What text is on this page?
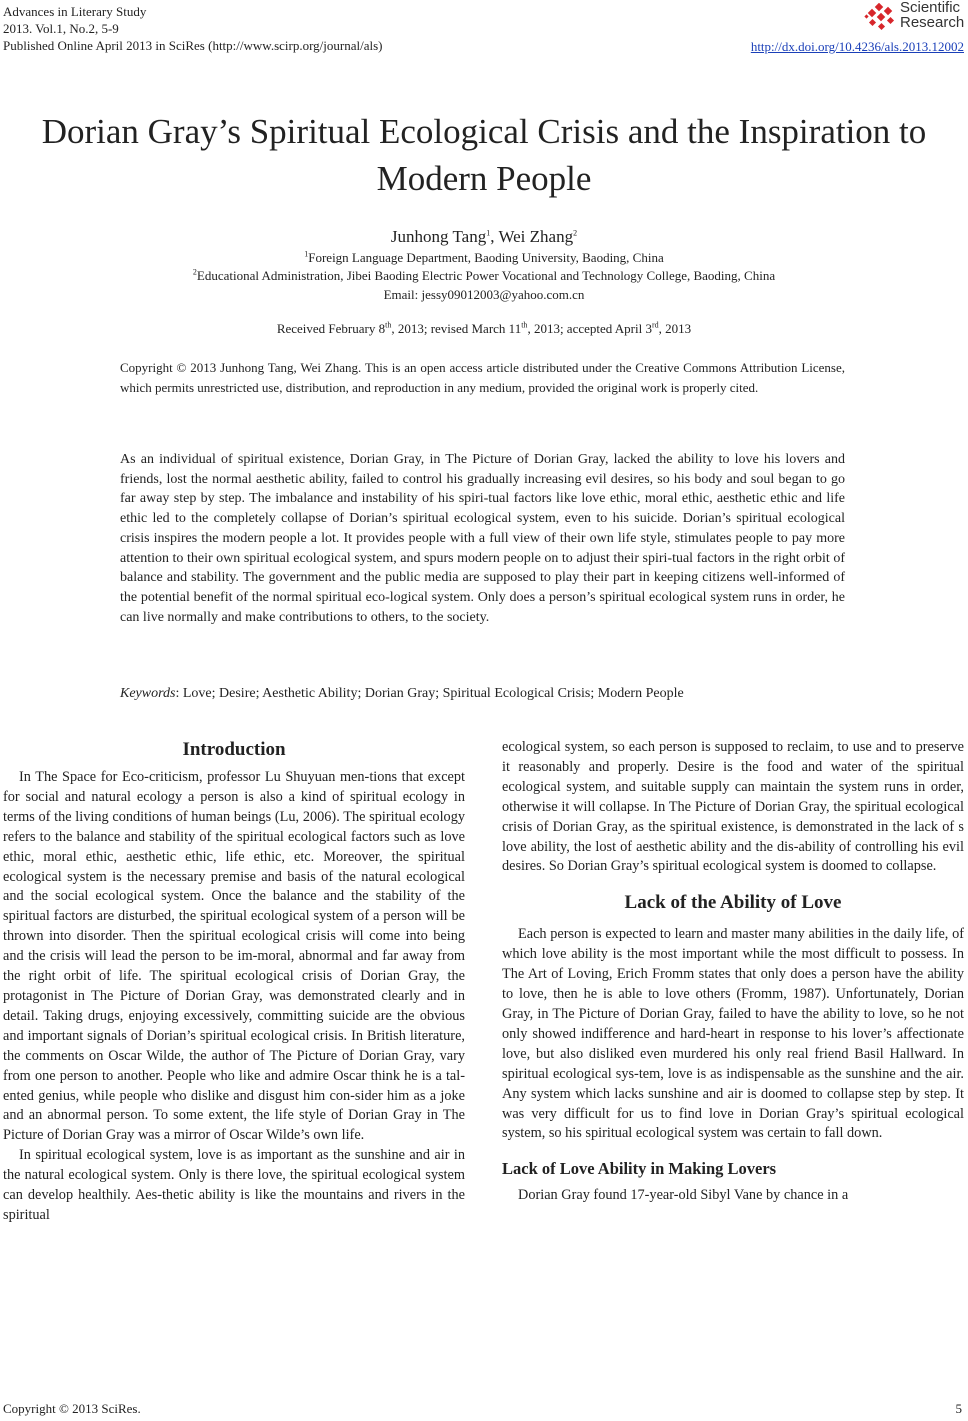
Advances in Literary Study
2013. Vol.1, No.2, 5-9
Published Online April 2013 in SciRes (http://www.scirp.org/journal/als)
Scientific
Research
http://dx.doi.org/10.4236/als.2013.12002
Dorian Gray’s Spiritual Ecological Crisis and the Inspiration to Modern People
Junhong Tang$^1$, Wei Zhang$^2$
$^1$Foreign Language Department, Baoding University, Baoding, China
$^2$Educational Administration, Jibei Baoding Electric Power Vocational and Technology College, Baoding, China
Email: jessy09012003@yahoo.com.cn
Received February 8th, 2013; revised March 11th, 2013; accepted April 3rd, 2013
Copyright © 2013 Junhong Tang, Wei Zhang. This is an open access article distributed under the Creative Commons Attribution License, which permits unrestricted use, distribution, and reproduction in any medium, provided the original work is properly cited.
As an individual of spiritual existence, Dorian Gray, in The Picture of Dorian Gray, lacked the ability to love his lovers and friends, lost the normal aesthetic ability, failed to control his gradually increasing evil desires, so his body and soul began to go far away step by step. The imbalance and instability of his spiri-tual factors like love ethic, moral ethic, aesthetic ethic and life ethic led to the completely collapse of Dorian’s spiritual ecological system, even to his suicide. Dorian’s spiritual ecological crisis inspires the modern people a lot. It provides people with a full view of their own life style, stimulates people to pay more attention to their own spiritual ecological system, and spurs modern people on to adjust their spiri-tual factors in the right orbit of balance and stability. The government and the public media are supposed to play their part in keeping citizens well-informed of the potential benefit of the normal spiritual eco-logical system. Only does a person’s spiritual ecological system runs in order, he can live normally and make contributions to others, to the society.
Keywords: Love; Desire; Aesthetic Ability; Dorian Gray; Spiritual Ecological Crisis; Modern People
Introduction

In The Space for Eco-criticism, professor Lu Shuyuan men-tions that except for social and natural ecology a person is also a kind of spiritual ecology in terms of the living conditions of human beings (Lu, 2006). The spiritual ecology refers to the balance and stability of the spiritual ecological factors such as love ethic, moral ethic, aesthetic ethic, life ethic, etc. Moreover, the spiritual ecological system is the necessary premise and basis of the natural ecological and the social ecological system. Once the balance and the stability of the spiritual factors are disturbed, the spiritual ecological system of a person will be thrown into disorder. Then the spiritual ecological crisis will come into being and the crisis will lead the person to be im-moral, abnormal and far away from the right orbit of life. The spiritual ecological crisis of Dorian Gray, the protagonist in The Picture of Dorian Gray, was demonstrated clearly and in detail. Taking drugs, enjoying excessively, committing suicide are the obvious and important signals of Dorian’s spiritual ecological crisis. In British literature, the comments on Oscar Wilde, the author of The Picture of Dorian Gray, vary from one person to another. People who like and admire Oscar think he is a tal-ented genius, while people who dislike and disgust him con-sider him as a joke and an abnormal person. To some extent, the life style of Dorian Gray in The Picture of Dorian Gray was a mirror of Oscar Wilde’s own life.

In spiritual ecological system, love is as important as the sunshine and air in the natural ecological system. Only is there love, the spiritual ecological system can develop healthily. Aes-thetic ability is like the mountains and rivers in the spiritual

ecological system, so each person is supposed to reclaim, to use and to preserve it reasonably and properly. Desire is the food and water of the spiritual ecological system, and suitable supply can maintain the system runs in order, otherwise it will collapse. In The Picture of Dorian Gray, the spiritual ecological crisis of Dorian Gray, as the spiritual existence, is demonstrated in the lack of s love ability, the lost of aesthetic ability and the dis-ability of controlling his evil desires. So Dorian Gray’s spiritual ecological system is doomed to collapse.

Lack of the Ability of Love

Each person is expected to learn and master many abilities in the daily life, of which love ability is the most important while the most difficult to possess. In The Art of Loving, Erich Fromm states that only does a person have the ability to love, then he is able to love others (Fromm, 1987). Unfortunately, Dorian Gray, in The Picture of Dorian Gray, failed to have the ability to love, so he not only showed indifference and hard-heart in response to his lover’s affectionate love, but also disliked even murdered his only real friend Basil Hallward. In spiritual ecological sys-tem, love is as indispensable as the sunshine and the air. Any system which lacks sunshine and air is doomed to collapse step by step. It was very difficult for us to find love in Dorian Gray’s spiritual ecological system, so his spiritual ecological system was certain to fall down.

Lack of Love Ability in Making Lovers

Dorian Gray found 17-year-old Sibyl Vane by chance in a

Copyright © 2013 SciRes.	5
